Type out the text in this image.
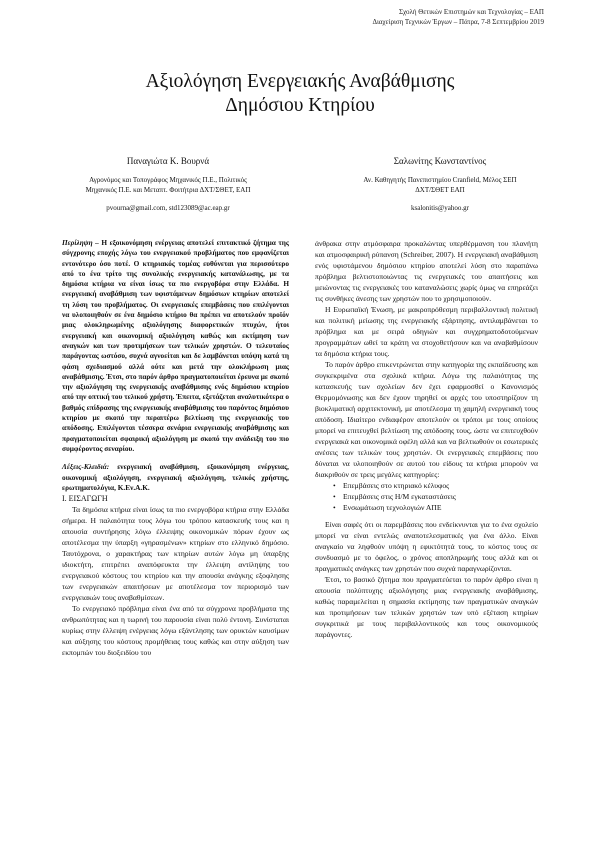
Σχολή Θετικών Επιστημών και Τεχνολογίας – ΕΑΠ
Διαχείριση Τεχνικών Έργων – Πάτρα, 7-8 Σεπτεμβρίου 2019
Αξιολόγηση Ενεργειακής Αναβάθμισης
Δημόσιου Κτηρίου
Παναγιώτα Κ. Βουρνά
Αγρονόμος και Τοπογράφος Μηχανικός Π.Ε., Πολιτικός
Μηχανικός Π.Ε. και Μεταπτ. Φοιτήτρια ΔΧΤ/ΣΘΕΤ, ΕΑΠ
pvourna@gmail.com, std123089@ac.eap.gr
Σαλωνίτης Κωνσταντίνος
Αν. Καθηγητής Πανεπιστημίου Cranfield, Μέλος ΣΕΠ
ΔΧΤ/ΣΘΕΤ ΕΑΠ
ksalonitis@yahoo.gr

Περίληψη – Η εξοικονόμηση ενέργειας αποτελεί επιτακτικό ζήτημα της σύγχρονης εποχής λόγω του ενεργειακού προβλήματος που εμφανίζεται εντονότερο όσο ποτέ. Ο κτηριακός τομέας ευθύνεται για περισσότερο από το ένα τρίτο της συνολικής ενεργειακής κατανάλωσης, με τα δημόσια κτήρια να είναι ίσως τα πιο ενεργοβόρα στην Ελλάδα. Η ενεργειακή αναβάθμιση των υφιστάμενων δημόσιων κτηρίων αποτελεί τη λύση του προβλήματος. Οι ενεργειακές επεμβάσεις που επιλέγονται να υλοποιηθούν σε ένα δημόσιο κτήριο θα πρέπει να αποτελούν προϊόν μιας ολοκληρωμένης αξιολόγησης διαφορετικών πτυχών, ήτοι ενεργειακή και οικονομική αξιολόγηση καθώς και εκτίμηση των αναγκών και των προτιμήσεων των τελικών χρηστών. Ο τελευταίος παράγοντας ωστόσο, συχνά αγνοείται και δε λαμβάνεται υπόψη κατά τη φάση σχεδιασμού αλλά ούτε και μετά την ολοκλήρωση μιας αναβάθμισης. Έτσι, στο παρόν άρθρο πραγματοποιείται έρευνα με σκοπό την αξιολόγηση της ενεργειακής αναβάθμισης ενός δημόσιου κτηρίου από την οπτική του τελικού χρήστη. Έπειτα, εξετάζεται αναλυτικότερα ο βαθμός επίδρασης της ενεργειακής αναβάθμισης του παρόντος δημόσιου κτηρίου με σκοπό την περαιτέρω βελτίωση της ενεργειακής του απόδοσης. Επιλέγονται τέσσερα σενάρια ενεργειακής αναβάθμισης και πραγματοποιείται σφαιρική αξιολόγηση με σκοπό την ανάδειξη του πιο συμφέροντος σεναρίου.

Λέξεις-Κλειδιά: ενεργειακή αναβάθμιση, εξοικονόμηση ενέργειας, οικονομική αξιολόγηση, ενεργειακή αξιολόγηση, τελικός χρήστης, ερωτηματολόγια, Κ.Εν.Α.Κ.

I. ΕΙΣΑΓΩΓΗ

Τα δημόσια κτήρια είναι ίσως τα πιο ενεργοβόρα κτήρια στην Ελλάδα σήμερα. Η παλαιότητα τους λόγω του τρόπου κατασκευής τους και η απουσία συντήρησης λόγω έλλειψης οικονομικών πόρων έχουν ως αποτέλεσμα την ύπαρξη «γηρασμένων» κτηρίων στο ελληνικό δημόσιο. Ταυτόχρονα, ο χαρακτήρας των κτηρίων αυτών λόγω μη ύπαρξης ιδιοκτήτη, επιτρέπει αναπόφευκτα την έλλειψη αντίληψης του ενεργειακού κόστους του κτηρίου και την απουσία ανάγκης εξοφλησης των ενεργειακών απαιτήσεων με αποτέλεσμα τον περιορισμό των ενεργειακών τους αναβαθμίσεων.

Το ενεργειακό πρόβλημα είναι ένα από τα σύγχρονα προβλήματα της ανθρωπότητας και η τωρινή του παρουσία είναι πολύ έντονη. Συνίσταται κυρίως στην έλλειψη ενέργειας λόγω εξάντλησης των ορυκτών καυσίμων και αύξησης του κόστους προμήθειας τους καθώς και στην αύξηση των εκπομπών του διοξειδίου του

άνθρακα στην ατμόσφαιρα προκαλώντας υπερθέρμανση του πλανήτη και ατμοσφαιρική ρύπανση (Schreiber, 2007). Η ενεργειακή αναβάθμιση ενός υφιστάμενου δημόσιου κτηρίου αποτελεί λύση στο παραπάνω πρόβλημα βελτιστοποιώντας τις ενεργειακές του απαιτήσεις και μειώνοντας τις ενεργειακές του καταναλώσεις χωρίς όμως να επηρεάζει τις συνθήκες άνεσης των χρηστών που το χρησιμοποιούν.

Η Ευρωπαϊκή Ένωση, με μακροπρόθεσμη περιβαλλοντική πολιτική και πολιτική μείωσης της ενεργειακής εξάρτησης, αντιλαμβάνεται το πρόβλημα και με σειρά οδηγιών και συγχρηματοδοτούμενων προγραμμάτων ωθεί τα κράτη να στοχοθετήσουν και να αναβαθμίσουν τα δημόσια κτήρια τους.

Το παρόν άρθρο επικεντρώνεται στην κατηγορία της εκπαίδευσης και συγκεκριμένα στα σχολικά κτήρια. Λόγω της παλαιότητας της κατασκευής των σχολείων δεν έχει εφαρμοσθεί ο Κανονισμός Θερμομόνωσης και δεν έχουν τηρηθεί οι αρχές του υποστηρίζουν τη βιοκλιματική αρχιτεκτονική, με αποτέλεσμα τη χαμηλή ενεργειακή τους απόδοση. Ιδιαίτερο ενδιαφέρον αποτελούν οι τρόποι με τους οποίους μπορεί να επιτευχθεί βελτίωση της απόδοσης τους, ώστε να επιτευχθούν ενεργειακά και οικονομικά οφέλη αλλά και να βελτιωθούν οι εσωτερικές ανέσεις των τελικών τους χρηστών. Οι ενεργειακές επεμβάσεις που δύναται να υλοποιηθούν σε αυτού του είδους τα κτήρια μπορούν να διακριθούν σε τρεις μεγάλες κατηγορίες:

• Επεμβάσεις στο κτηριακό κέλυφος
• Επεμβάσεις στις Η/Μ εγκαταστάσεις
• Ενσωμάτωση τεχνολογιών ΑΠΕ

Είναι σαφές ότι οι παρεμβάσεις που ενδείκνυνται για το ένα σχολείο μπορεί να είναι εντελώς αναποτελεσματικές για ένα άλλο. Είναι αναγκαίο να ληφθούν υπόψη η εφικτότητά τους, το κόστος τους σε συνδυασμό με το όφελος, ο χρόνος αποπληρωμής τους αλλά και οι πραγματικές ανάγκες των χρηστών που συχνά παραγνωρίζονται.

Έτσι, το βασικό ζήτημα που πραγματεύεται το παρόν άρθρο είναι η απουσία πολύπτυχης αξιολόγησης μιας ενεργειακής αναβάθμισης, καθώς παραμελείται η σημασία εκτίμησης των πραγματικών αναγκών και προτιμήσεων των τελικών χρηστών των υπό εξέταση κτηρίων συγκριτικά με τους περιβαλλοντικούς και τους οικονομικούς παράγοντες.
